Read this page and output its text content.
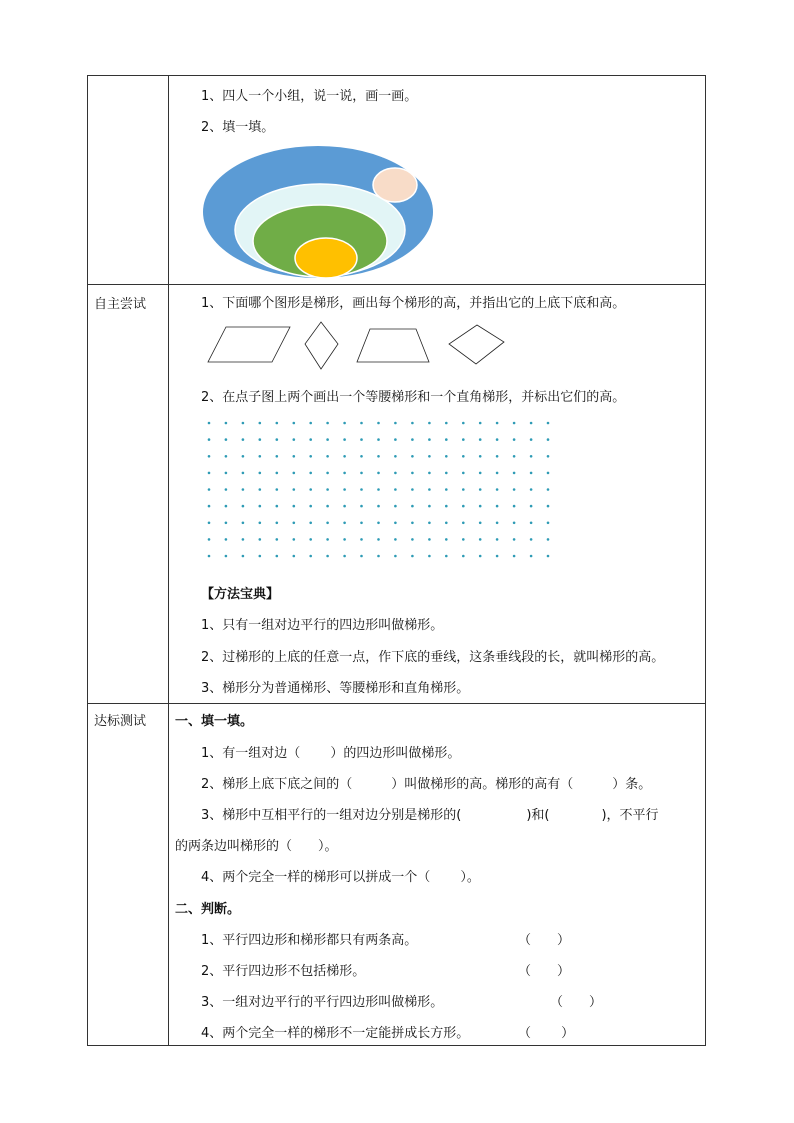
1、四人一个小组，说一说，画一画。
2、填一填。
自主尝试	1、下面哪个图形是梯形，画出每个梯形的高，并指出它的上底下底和高。
2、在点子图上两个画出一个等腰梯形和一个直角梯形，并标出它们的高。
【方法宝典】
1、只有一组对边平行的四边形叫做梯形。
2、过梯形的上底的任意一点，作下底的垂线，这条垂线段的长，就叫梯形的高。
3、梯形分为普通梯形、等腰梯形和直角梯形。
达标测试 一、填一填。
1、有一组对边（　　 ）的四边形叫做梯形。
2、梯形上底下底之间的（　　　）叫做梯形的高。梯形的高有（　　　）条。
3、梯形中互相平行的一组对边分别是梯形的(　　　　　)和(　　　　)，不平行
的两条边叫梯形的（　　）。
4、两个完全一样的梯形可以拼成一个（　　 ）。
二、判断。
1、平行四边形和梯形都只有两条高。	（　　）
2、平行四边形不包括梯形。	（　　）
3、一组对边平行的平行四边形叫做梯形。	（　　）
4、两个完全一样的梯形不一定能拼成长方形。	（　　 ）
